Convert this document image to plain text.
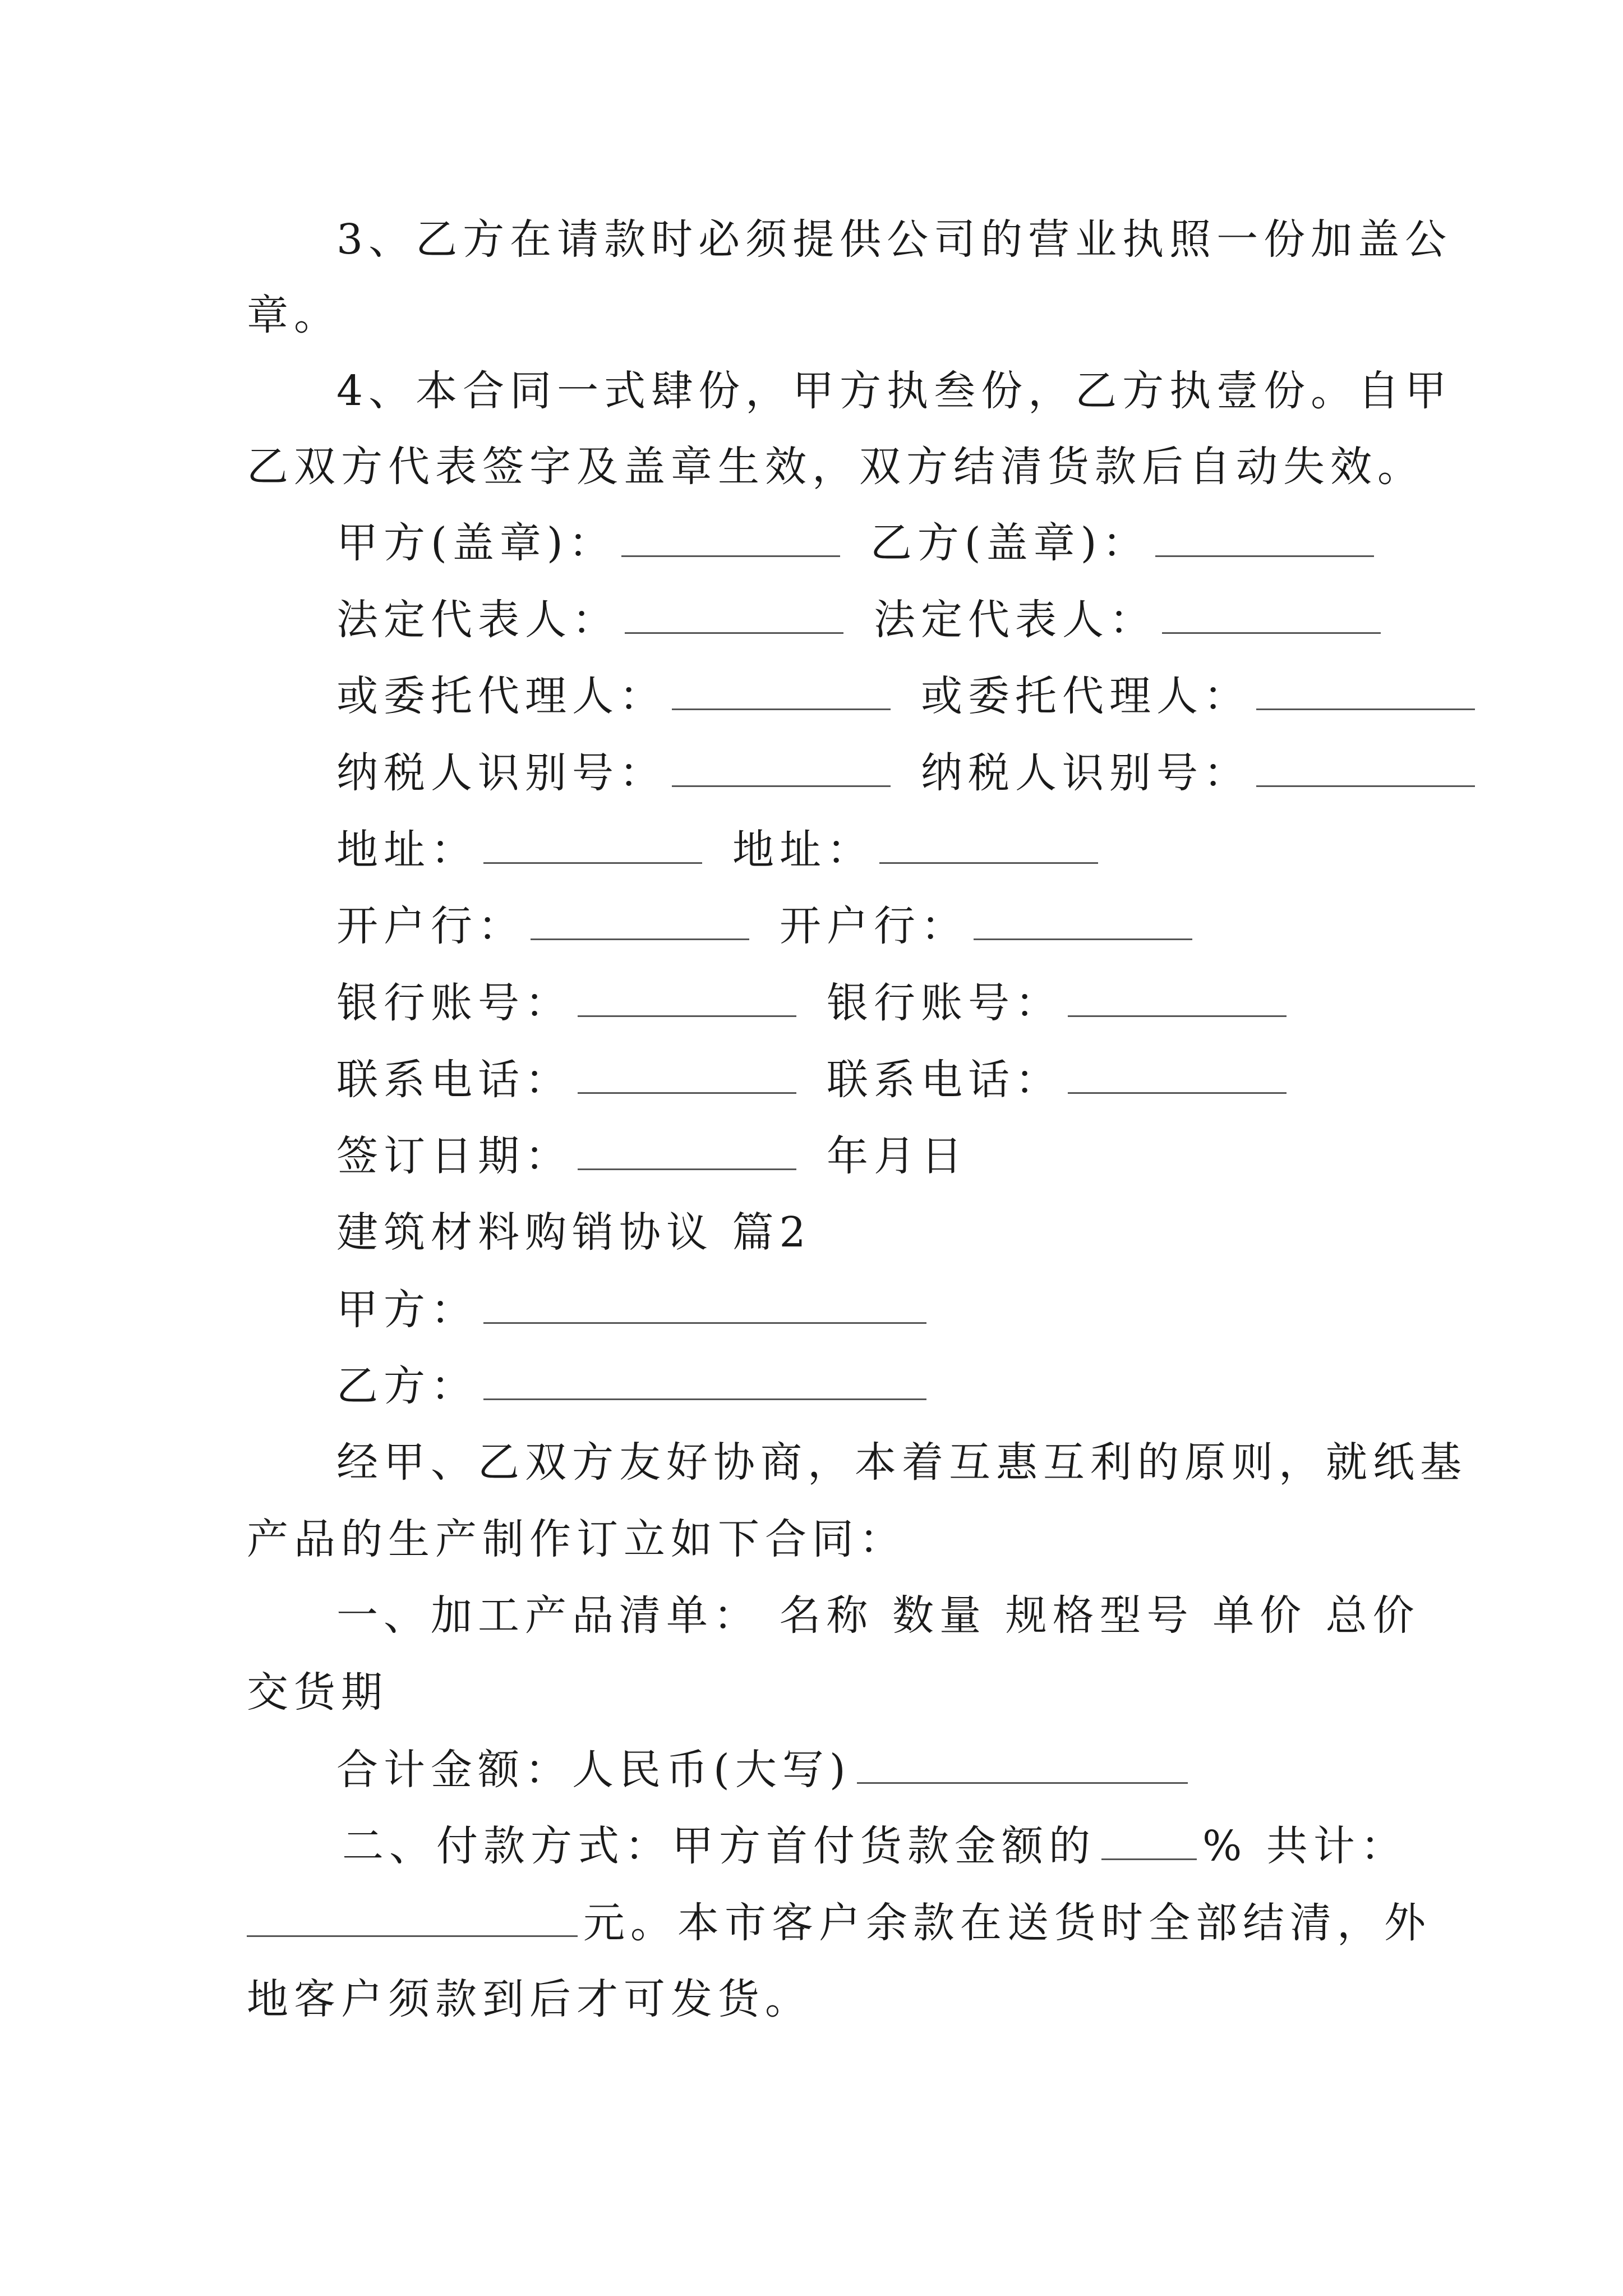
3、乙方在请款时必须提供公司的营业执照一份加盖公
章。
4、本合同一式肆份，甲方执叁份，乙方执壹份。自甲
乙双方代表签字及盖章生效，双方结清货款后自动失效。
甲方(盖章)：	乙方(盖章)：
法定代表人：	法定代表人：
或委托代理人：	或委托代理人：
纳税人识别号：	纳税人识别号：
地址：	地址：
开户行：	开户行：
银行账号：	银行账号：
联系电话：	联系电话：
签订日期：	年月日
建筑材料购销协议 篇2
甲方：
乙方：
经甲、乙双方友好协商，本着互惠互利的原则，就纸基
产品的生产制作订立如下合同：
一、加工产品清单： 名称 数量 规格型号 单价 总价
交货期
合计金额：人民币(大写)
二、付款方式：甲方首付货款金额的	% 共计：
元。本市客户余款在送货时全部结清，外
地客户须款到后才可发货。
